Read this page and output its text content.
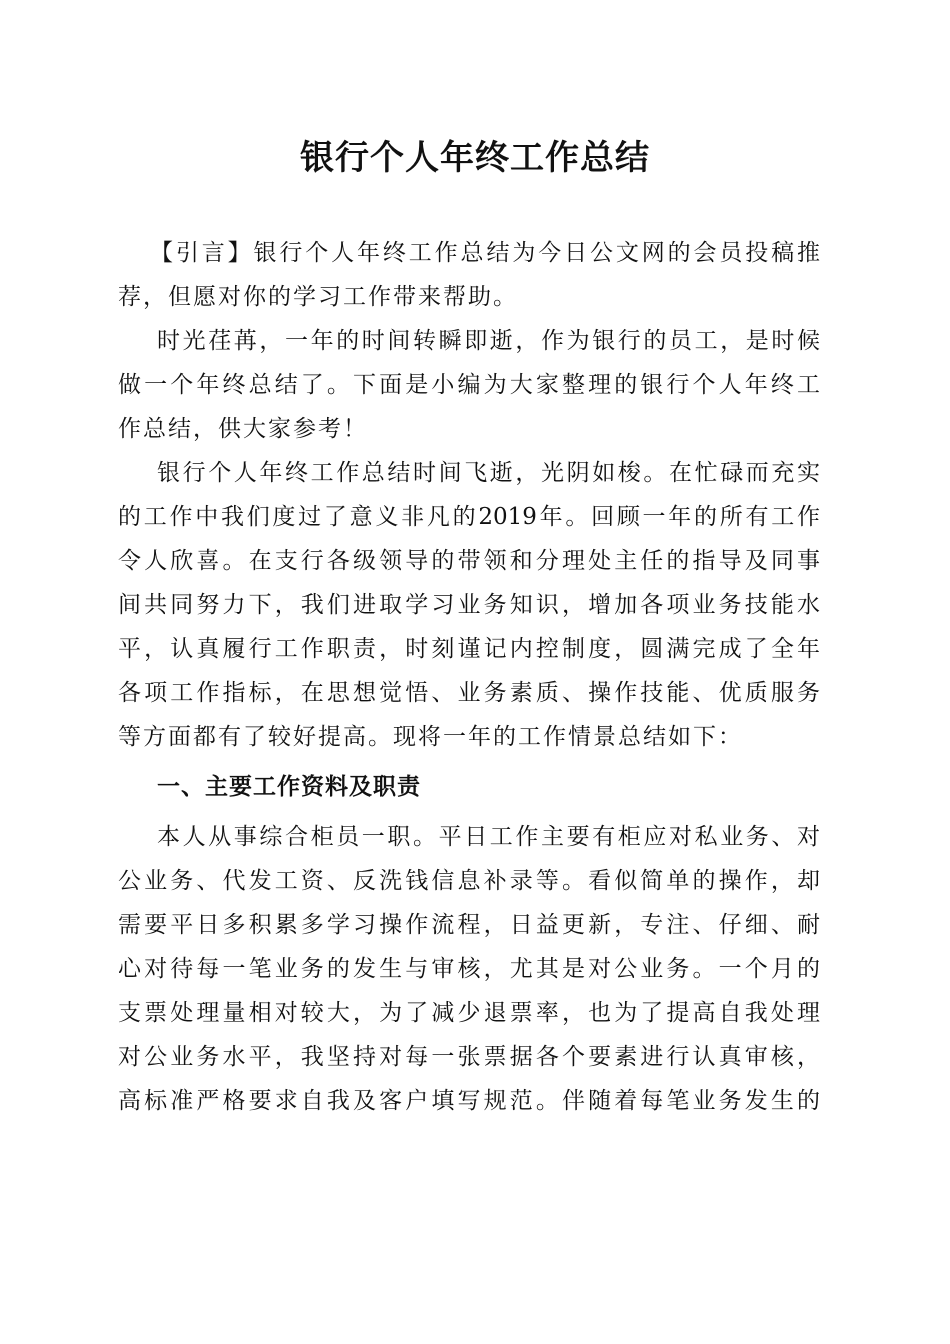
银行个人年终工作总结
【引言】银行个人年终工作总结为今日公文网的会员投稿推
荐，但愿对你的学习工作带来帮助。
时光荏苒，一年的时间转瞬即逝，作为银行的员工，是时候
做一个年终总结了。下面是小编为大家整理的银行个人年终工
作总结，供大家参考！
银行个人年终工作总结时间飞逝，光阴如梭。在忙碌而充实
的工作中我们度过了意义非凡的2019年。回顾一年的所有工作
令人欣喜。在支行各级领导的带领和分理处主任的指导及同事
间共同努力下，我们进取学习业务知识，增加各项业务技能水
平，认真履行工作职责，时刻谨记内控制度，圆满完成了全年
各项工作指标，在思想觉悟、业务素质、操作技能、优质服务
等方面都有了较好提高。现将一年的工作情景总结如下：
一、主要工作资料及职责
本人从事综合柜员一职。平日工作主要有柜应对私业务、对
公业务、代发工资、反洗钱信息补录等。看似简单的操作，却
需要平日多积累多学习操作流程，日益更新，专注、仔细、耐
心对待每一笔业务的发生与审核，尤其是对公业务。一个月的
支票处理量相对较大，为了减少退票率，也为了提高自我处理
对公业务水平，我坚持对每一张票据各个要素进行认真审核，
高标准严格要求自我及客户填写规范。伴随着每笔业务发生的
